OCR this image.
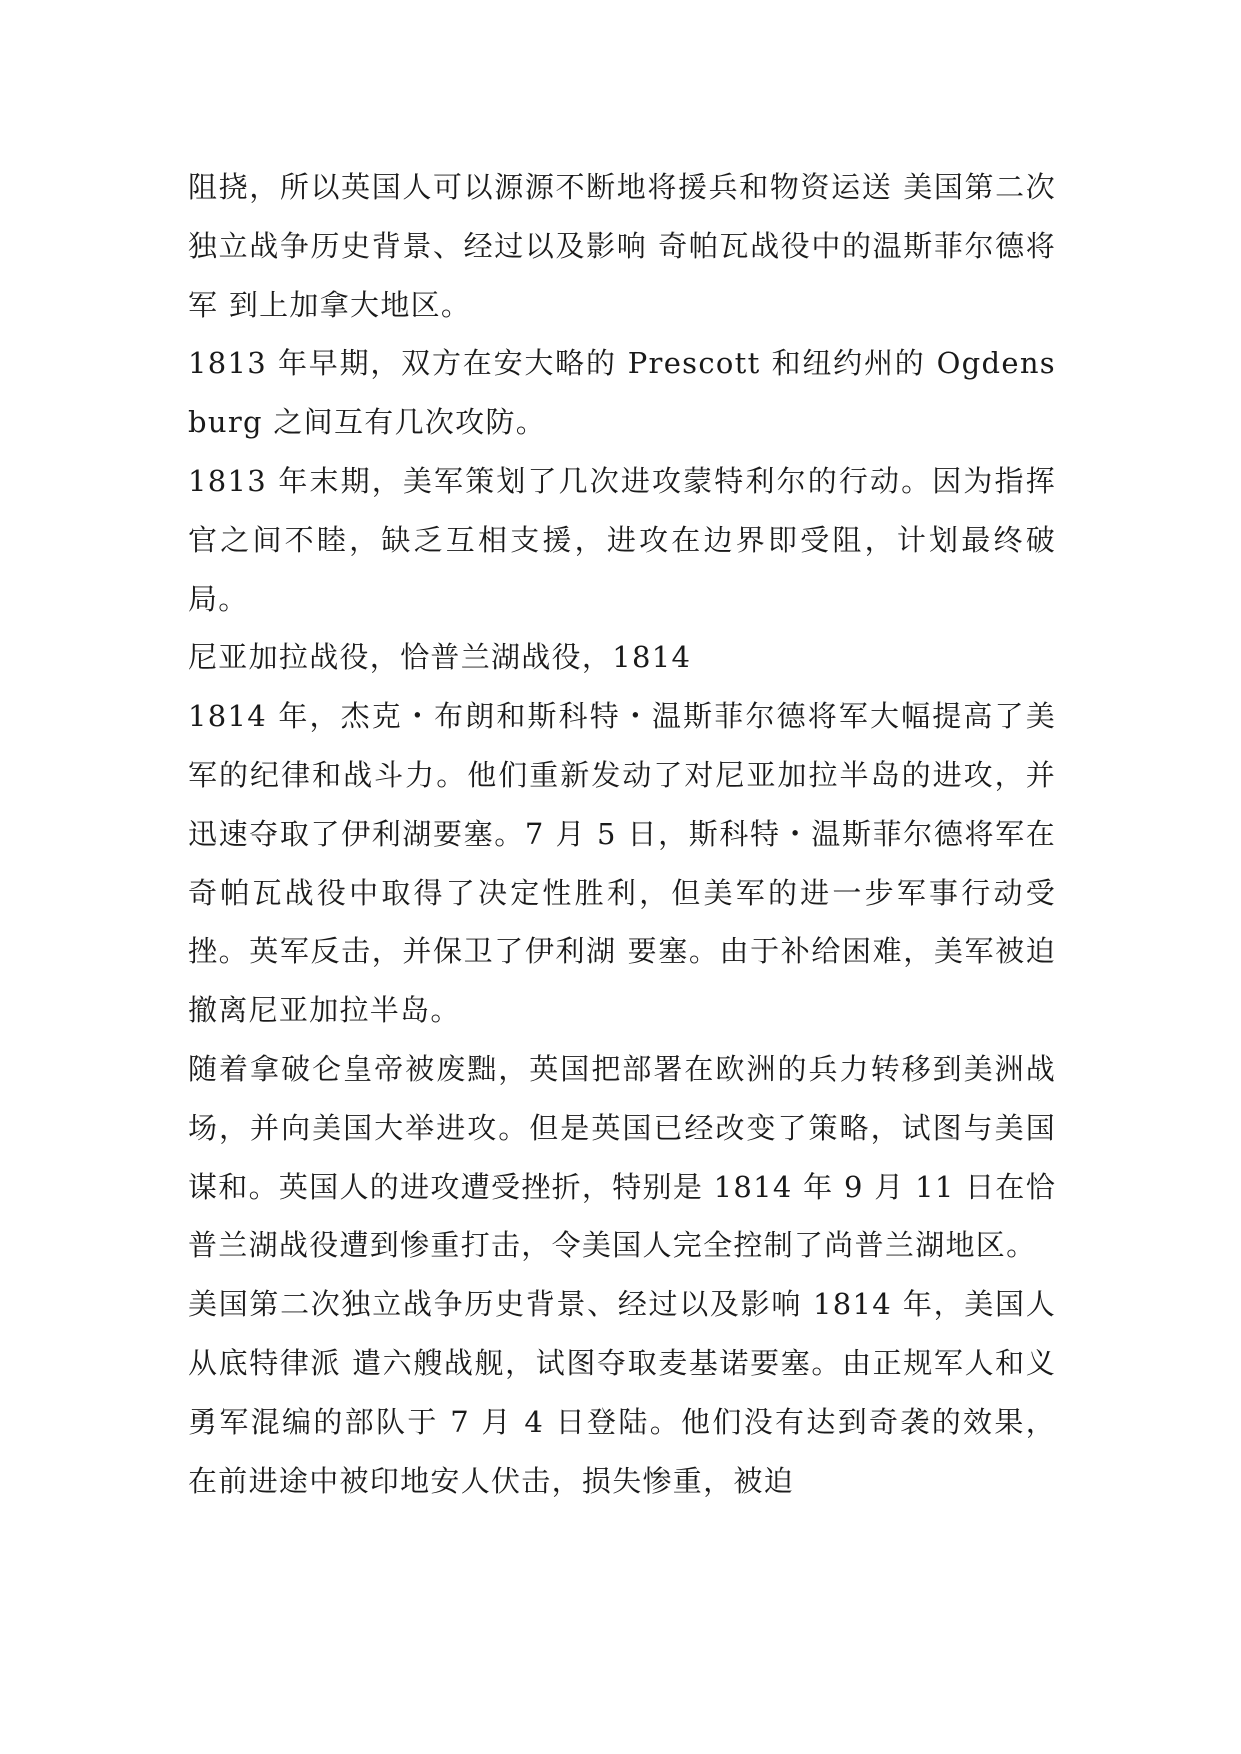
阻挠，所以英国人可以源源不断地将援兵和物资运送 美国第二次独立战争历史背景、经过以及影响 奇帕瓦战役中的温斯菲尔德将军 到上加拿大地区。

1813 年早期，双方在安大略的 Prescott 和纽约州的 Ogdensburg 之间互有几次攻防。

1813 年末期，美军策划了几次进攻蒙特利尔的行动。因为指挥官之间不睦，缺乏互相支援，进攻在边界即受阻，计划最终破局。

尼亚加拉战役，恰普兰湖战役，1814

1814 年，杰克・布朗和斯科特・温斯菲尔德将军大幅提高了美军的纪律和战斗力。他们重新发动了对尼亚加拉半岛的进攻，并迅速夺取了伊利湖要塞。7 月 5 日，斯科特・温斯菲尔德将军在奇帕瓦战役中取得了决定性胜利，但美军的进一步军事行动受挫。英军反击，并保卫了伊利湖 要塞。由于补给困难，美军被迫撤离尼亚加拉半岛。

随着拿破仑皇帝被废黜，英国把部署在欧洲的兵力转移到美洲战场，并向美国大举进攻。但是英国已经改变了策略，试图与美国谋和。英国人的进攻遭受挫折，特别是 1814 年 9 月 11 日在恰普兰湖战役遭到惨重打击，令美国人完全控制了尚普兰湖地区。

美国第二次独立战争历史背景、经过以及影响 1814 年，美国人从底特律派 遣六艘战舰，试图夺取麦基诺要塞。由正规军人和义勇军混编的部队于 7 月 4 日登陆。他们没有达到奇袭的效果，在前进途中被印地安人伏击，损失惨重，被迫
